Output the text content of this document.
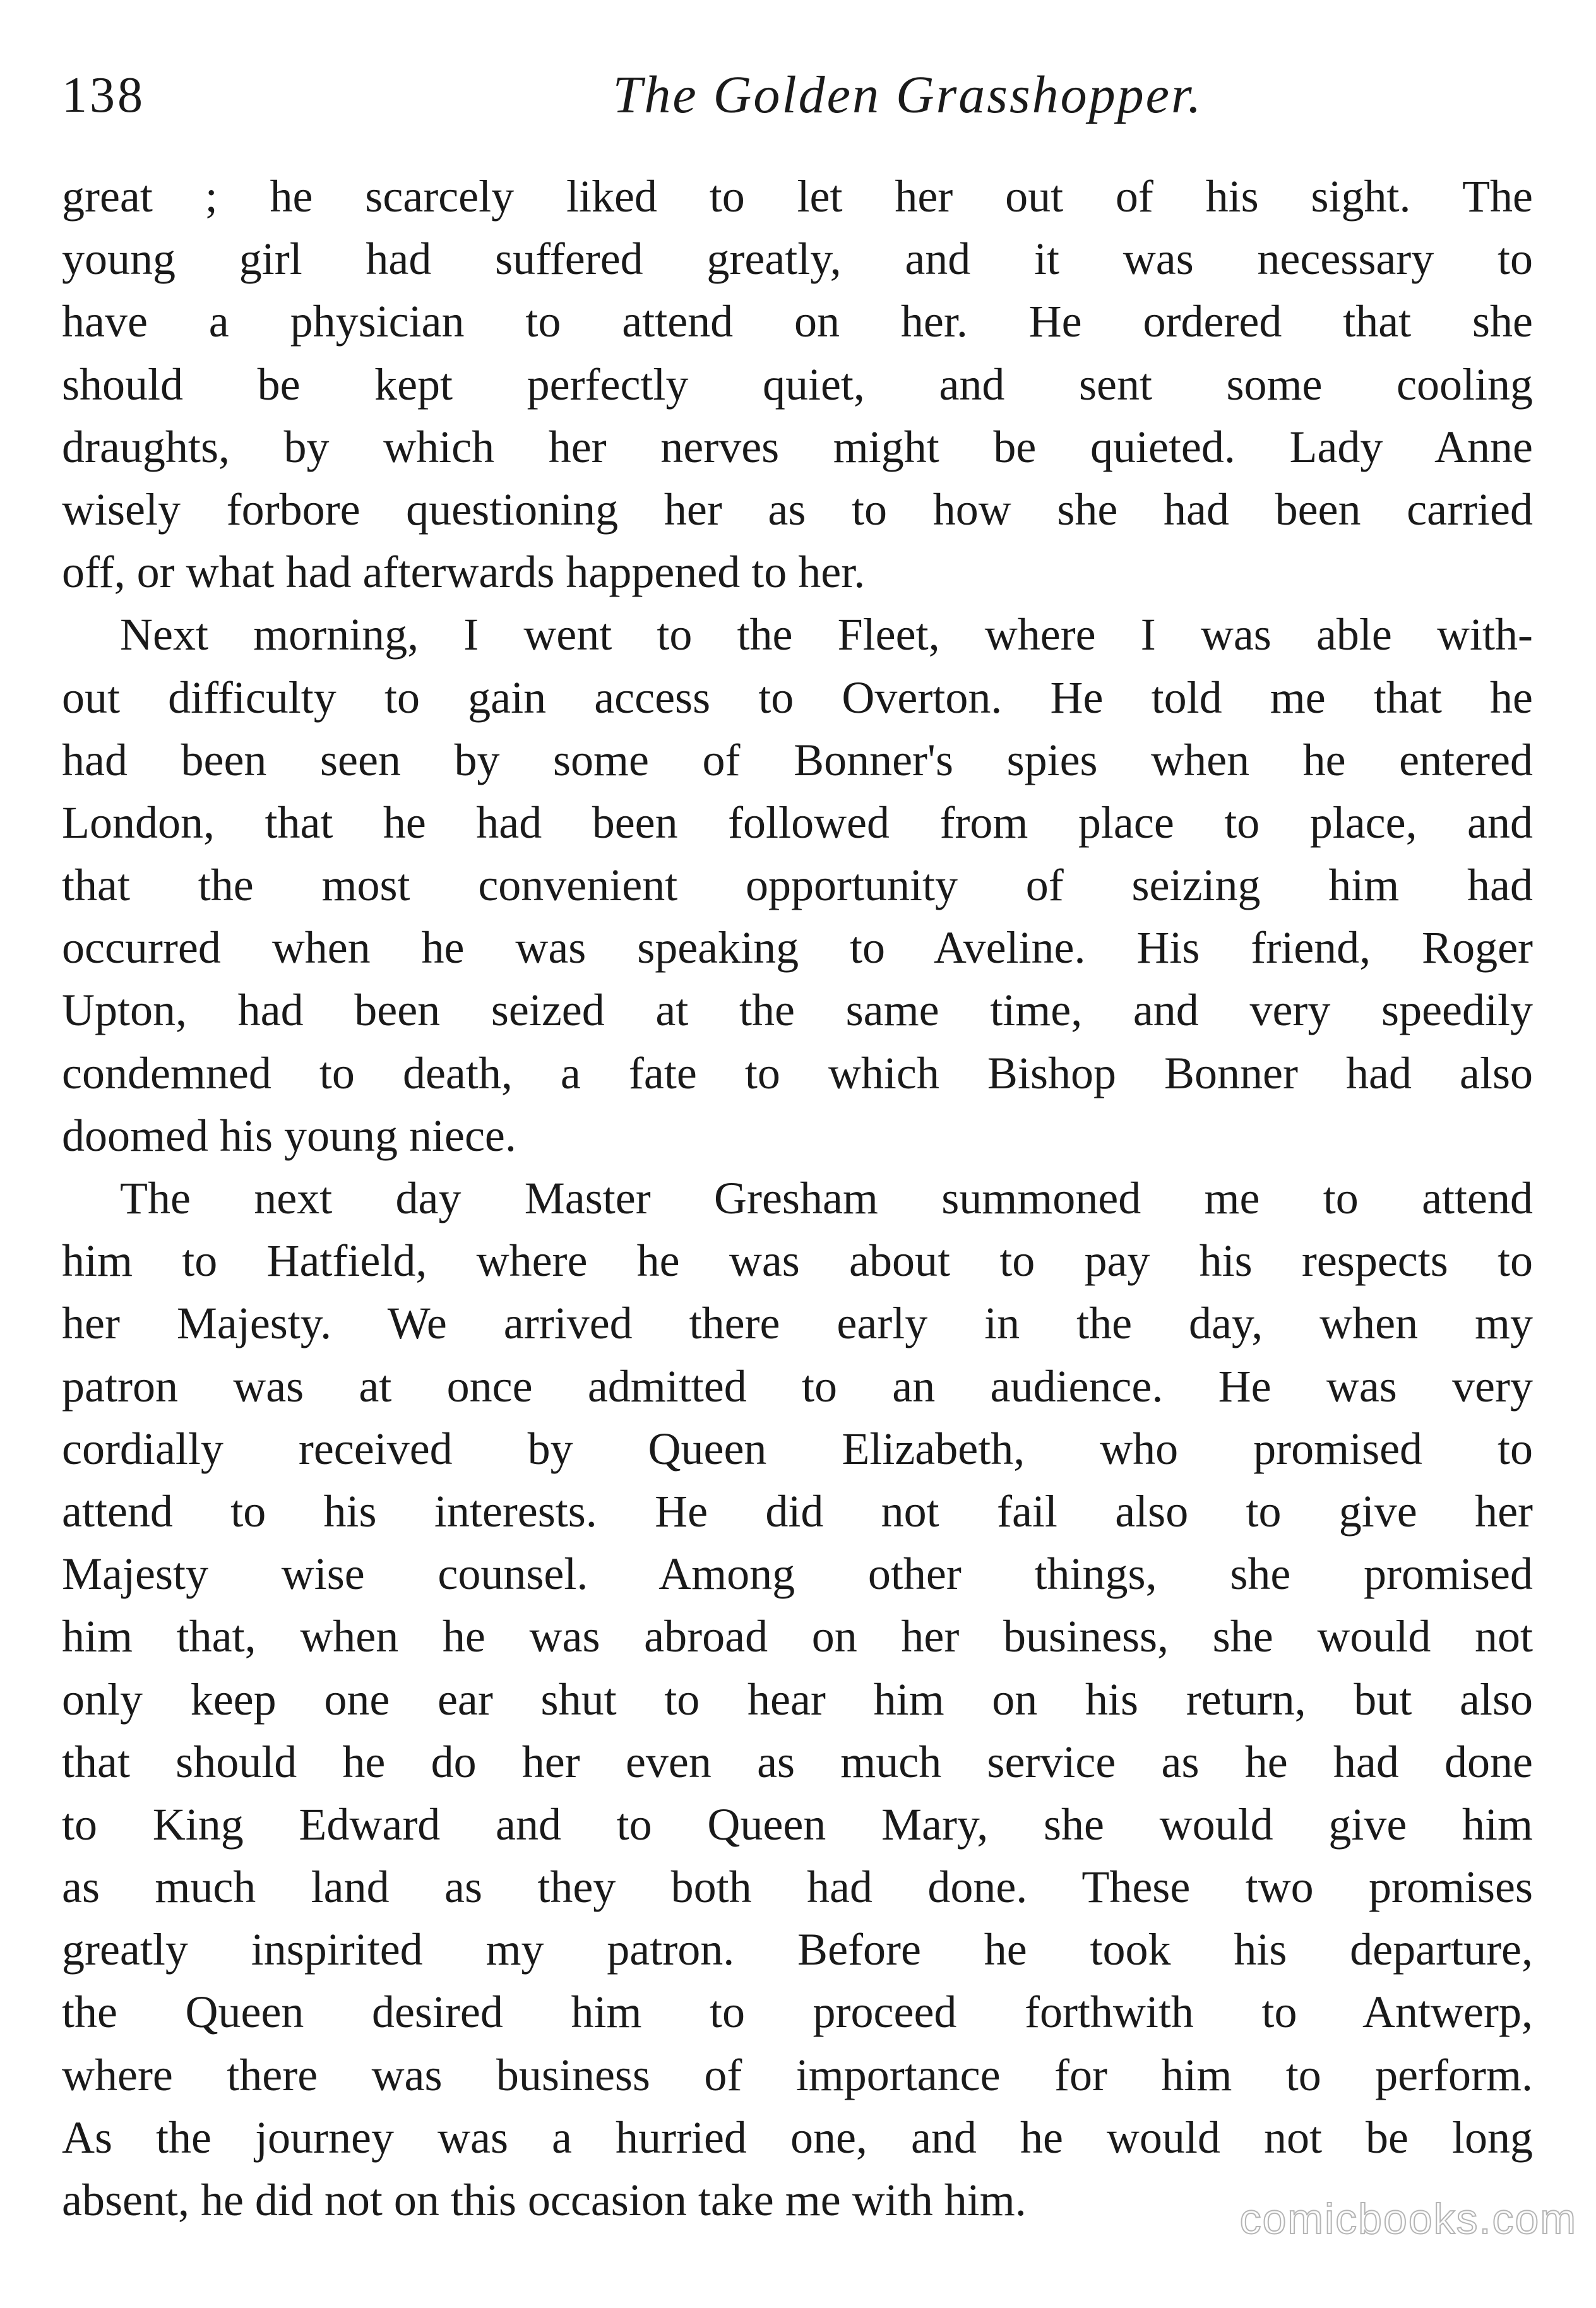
138	The Golden Grasshopper.
great ; he scarcely liked to let her out of his sight. The
young girl had suffered greatly, and it was necessary to
have a physician to attend on her. He ordered that she
should be kept perfectly quiet, and sent some cooling
draughts, by which her nerves might be quieted. Lady Anne
wisely forbore questioning her as to how she had been carried
off, or what had afterwards happened to her.
Next morning, I went to the Fleet, where I was able with-
out difficulty to gain access to Overton. He told me that he
had been seen by some of Bonner's spies when he entered
London, that he had been followed from place to place, and
that the most convenient opportunity of seizing him had
occurred when he was speaking to Aveline. His friend, Roger
Upton, had been seized at the same time, and very speedily
condemned to death, a fate to which Bishop Bonner had also
doomed his young niece.
The next day Master Gresham summoned me to attend
him to Hatfield, where he was about to pay his respects to
her Majesty. We arrived there early in the day, when my
patron was at once admitted to an audience. He was very
cordially received by Queen Elizabeth, who promised to
attend to his interests. He did not fail also to give her
Majesty wise counsel. Among other things, she promised
him that, when he was abroad on her business, she would not
only keep one ear shut to hear him on his return, but also
that should he do her even as much service as he had done
to King Edward and to Queen Mary, she would give him
as much land as they both had done. These two promises
greatly inspirited my patron. Before he took his departure,
the Queen desired him to proceed forthwith to Antwerp,
where there was business of importance for him to perform.
As the journey was a hurried one, and he would not be long
absent, he did not on this occasion take me with him.	comicbooks.com
